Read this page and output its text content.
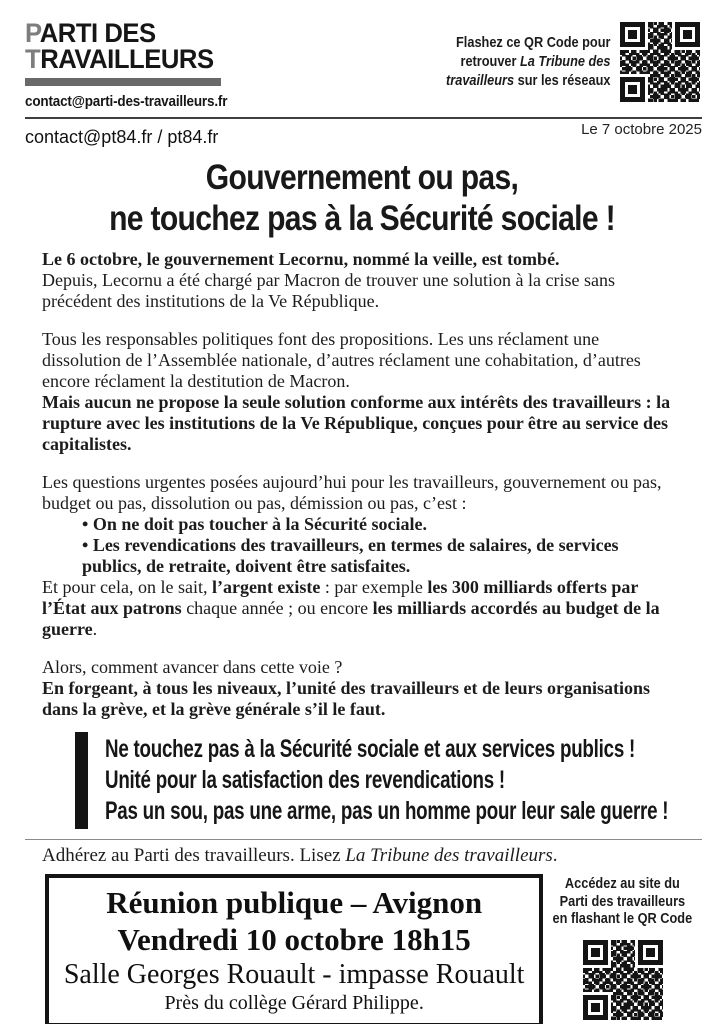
PARTI DES
TRAVAILLEURS
contact@parti-des-travailleurs.fr
Flashez ce QR Code pour
retrouver La Tribune des
travailleurs sur les réseaux
Le 7 octobre 2025
contact@pt84.fr / pt84.fr
Gouvernement ou pas,
ne touchez pas à la Sécurité sociale !

Le 6 octobre, le gouvernement Lecornu, nommé la veille, est tombé.
Depuis, Lecornu a été chargé par Macron de trouver une solution à la crise sans précédent des institutions de la Ve République.

Tous les responsables politiques font des propositions. Les uns réclament une dissolution de l’Assemblée nationale, d’autres réclament une cohabitation, d’autres encore réclament la destitution de Macron.
Mais aucun ne propose la seule solution conforme aux intérêts des travailleurs : la rupture avec les institutions de la Ve République, conçues pour être au service des capitalistes.

Les questions urgentes posées aujourd’hui pour les travailleurs, gouvernement ou pas, budget ou pas, dissolution ou pas, démission ou pas, c’est :
• On ne doit pas toucher à la Sécurité sociale.
• Les revendications des travailleurs, en termes de salaires, de services publics, de retraite, doivent être satisfaites.
Et pour cela, on le sait, l’argent existe : par exemple les 300 milliards offerts par l’État aux patrons chaque année ; ou encore les milliards accordés au budget de la guerre.

Alors, comment avancer dans cette voie ?
En forgeant, à tous les niveaux, l’unité des travailleurs et de leurs organisations dans la grève, et la grève générale s’il le faut.

Ne touchez pas à la Sécurité sociale et aux services publics !
Unité pour la satisfaction des revendications !
Pas un sou, pas une arme, pas un homme pour leur sale guerre !
Adhérez au Parti des travailleurs. Lisez La Tribune des travailleurs.
Réunion publique – Avignon
Vendredi 10 octobre 18h15
Salle Georges Rouault - impasse Rouault
Près du collège Gérard Philippe.
Accédez au site du
Parti des travailleurs
en flashant le QR Code
